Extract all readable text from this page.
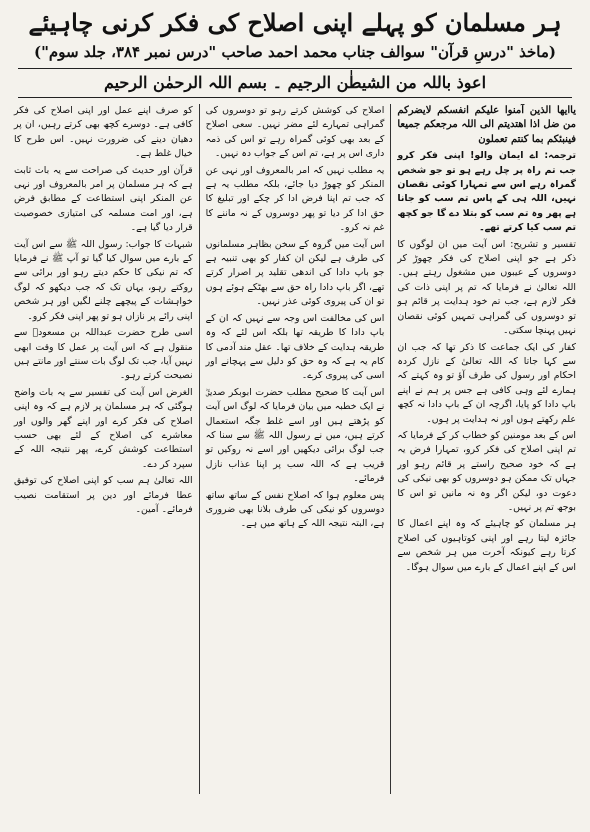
ہر مسلمان کو پہلے اپنی اصلاح کی فکر کرنی چاہیئے
(ماخذ "درسِ قرآن" سوالف جناب محمد احمد صاحب "درس نمبر ۳۸۴، جلد سوم")
اعوذ باللہ من الشیطٰن الرجیم ۔ بسم اللہ الرحمٰن الرحیم

یاایھا الذین آمنوا علیکم انفسکم لایضرکم من ضل اذا اھتدیتم الی اللہ مرجعکم جمیعا فینبئکم بما کنتم تعملون

ترجمہ: اے ایمان والو! اپنی فکر کرو جب تم راہ پر چل رہے ہو تو جو شخص گمراہ رہے اس سے تمہارا کوئی نقصان نہیں، اللہ ہی کے پاس تم سب کو جانا ہے پھر وہ تم سب کو بتلا دے گا جو کچھ تم سب کیا کرتے تھے۔

تفسیر و تشریح: اس آیت میں ان لوگوں کا ذکر ہے جو اپنی اصلاح کی فکر چھوڑ کر دوسروں کے عیبوں میں مشغول رہتے ہیں۔ اللہ تعالیٰ نے فرمایا کہ تم پر اپنی ذات کی فکر لازم ہے، جب تم خود ہدایت پر قائم ہو تو دوسروں کی گمراہی تمہیں کوئی نقصان نہیں پہنچا سکتی۔

کفار کی ایک جماعت کا ذکر تھا کہ جب ان سے کہا جاتا کہ اللہ تعالیٰ کے نازل کردہ احکام اور رسول کی طرف آؤ تو وہ کہتے کہ ہمارے لئے وہی کافی ہے جس پر ہم نے اپنے باپ دادا کو پایا، اگرچہ ان کے باپ دادا نہ کچھ علم رکھتے ہوں اور نہ ہدایت پر ہوں۔

اس کے بعد مومنین کو خطاب کر کے فرمایا کہ تم اپنی اصلاح کی فکر کرو، تمہارا فرض یہ ہے کہ خود صحیح راستے پر قائم رہو اور جہاں تک ممکن ہو دوسروں کو بھی نیکی کی دعوت دو، لیکن اگر وہ نہ مانیں تو اس کا بوجھ تم پر نہیں۔

ہر مسلمان کو چاہیئے کہ وہ اپنے اعمال کا جائزہ لیتا رہے اور اپنی کوتاہیوں کی اصلاح کرتا رہے کیونکہ آخرت میں ہر شخص سے اس کے اپنے اعمال کے بارے میں سوال ہوگا۔

اصلاح کی کوشش کرتے رہو تو دوسروں کی گمراہی تمہارے لئے مضر نہیں۔ سعی اصلاح کے بعد بھی کوئی گمراہ رہے تو اس کی ذمہ داری اس پر ہے، تم اس کے جواب دہ نہیں۔

یہ مطلب نہیں کہ امر بالمعروف اور نہی عن المنکر کو چھوڑ دیا جائے، بلکہ مطلب یہ ہے کہ جب تم اپنا فرض ادا کر چکے اور تبلیغ کا حق ادا کر دیا تو پھر دوسروں کے نہ ماننے کا غم نہ کرو۔

اس آیت میں گروہ کے سخن بظاہر مسلمانوں کی طرف ہے لیکن ان کفار کو بھی تنبیہ ہے جو باپ دادا کی اندھی تقلید پر اصرار کرتے تھے، اگر باپ دادا راہ حق سے بھٹکے ہوئے ہوں تو ان کی پیروی کوئی عذر نہیں۔

اس کی مخالفت اس وجہ سے نہیں کہ ان کے باپ دادا کا طریقہ تھا بلکہ اس لئے کہ وہ طریقہ ہدایت کے خلاف تھا۔ عقل مند آدمی کا کام یہ ہے کہ وہ حق کو دلیل سے پہچانے اور اسی کی پیروی کرے۔

اس آیت کا صحیح مطلب حضرت ابوبکر صدیقؓ نے ایک خطبہ میں بیان فرمایا کہ لوگ اس آیت کو پڑھتے ہیں اور اسے غلط جگہ استعمال کرتے ہیں، میں نے رسول اللہ ﷺ سے سنا کہ جب لوگ برائی دیکھیں اور اسے نہ روکیں تو قریب ہے کہ اللہ سب پر اپنا عذاب نازل فرمائے۔

پس معلوم ہوا کہ اصلاح نفس کے ساتھ ساتھ دوسروں کو نیکی کی طرف بلانا بھی ضروری ہے، البتہ نتیجہ اللہ کے ہاتھ میں ہے۔

کو صرف اپنے عمل اور اپنی اصلاح کی فکر کافی ہے۔ دوسرے کچھ بھی کرتے رہیں، ان پر دھیان دینے کی ضرورت نہیں۔ اس طرح کا خیال غلط ہے۔

قرآن اور حدیث کی صراحت سے یہ بات ثابت ہے کہ ہر مسلمان پر امر بالمعروف اور نہی عن المنکر اپنی استطاعت کے مطابق فرض ہے، اور امت مسلمہ کی امتیازی خصوصیت قرار دیا گیا ہے۔

شبہات کا جواب: رسول اللہ ﷺ سے اس آیت کے بارے میں سوال کیا گیا تو آپ ﷺ نے فرمایا کہ تم نیکی کا حکم دیتے رہو اور برائی سے روکتے رہو، یہاں تک کہ جب دیکھو کہ لوگ خواہشات کے پیچھے چلنے لگیں اور ہر شخص اپنی رائے پر نازاں ہو تو پھر اپنی فکر کرو۔

اسی طرح حضرت عبداللہ بن مسعودؓ سے منقول ہے کہ اس آیت پر عمل کا وقت ابھی نہیں آیا، جب تک لوگ بات سنتے اور مانتے ہیں نصیحت کرتے رہو۔

الغرض اس آیت کی تفسیر سے یہ بات واضح ہوگئی کہ ہر مسلمان پر لازم ہے کہ وہ اپنی اصلاح کی فکر کرے اور اپنے گھر والوں اور معاشرے کی اصلاح کے لئے بھی حسب استطاعت کوشش کرے، پھر نتیجہ اللہ کے سپرد کر دے۔

اللہ تعالیٰ ہم سب کو اپنی اصلاح کی توفیق عطا فرمائے اور دین پر استقامت نصیب فرمائے۔ آمین۔
